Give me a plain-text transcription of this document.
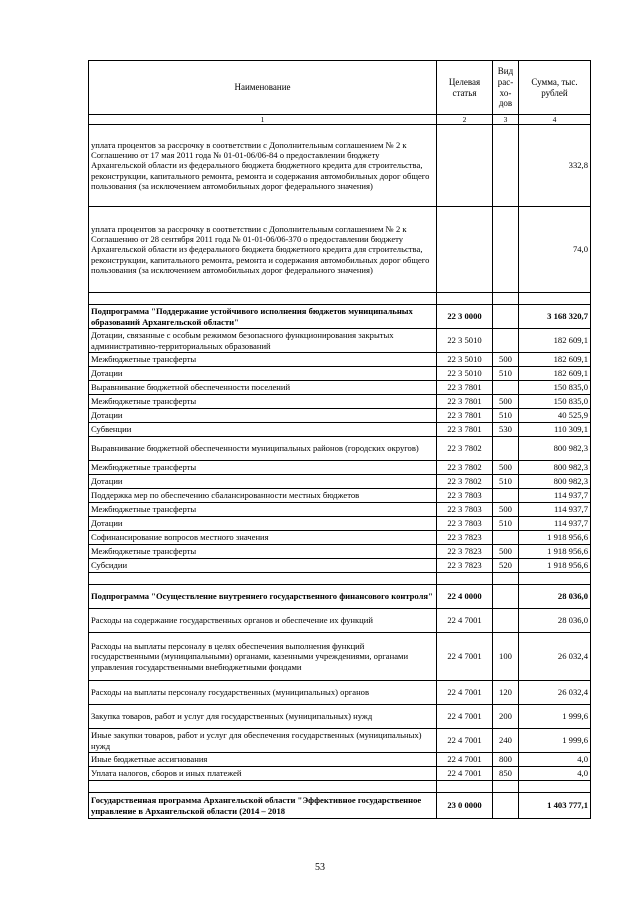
Наименование	Целевая статья	Вид рас- хо- дов	Сумма, тыс. рублей
1	2	3	4
уплата процентов за рассрочку в соответствии с Дополнительным соглашением № 2 к Соглашению от 17 мая 2011 года № 01-01-06/06-84 о предоставлении бюджету Архангельской области из федерального бюджета бюджетного кредита для строительства, реконструкции, капитального ремонта, ремонта и содержания автомобильных дорог общего пользования (за исключением автомобильных дорог федерального значения)			332,8
уплата процентов за рассрочку в соответствии с Дополнительным соглашением № 2 к Соглашению от 28 сентября 2011 года № 01-01-06/06-370 о предоставлении бюджету Архангельской области из федерального бюджета бюджетного кредита для строительства, реконструкции, капитального ремонта, ремонта и содержания автомобильных дорог общего пользования (за исключением автомобильных дорог федерального значения)			74,0

Подпрограмма "Поддержание устойчивого исполнения бюджетов муниципальных образований Архангельской области"	22 3 0000		3 168 320,7
Дотации, связанные с особым режимом безопасного функционирования закрытых административно-территориальных образований	22 3 5010		182 609,1
Межбюджетные трансферты	22 3 5010	500	182 609,1
Дотации	22 3 5010	510	182 609,1
Выравнивание бюджетной обеспеченности поселений	22 3 7801		150 835,0
Межбюджетные трансферты	22 3 7801	500	150 835,0
Дотации	22 3 7801	510	40 525,9
Субвенции	22 3 7801	530	110 309,1
Выравнивание бюджетной обеспеченности муниципальных районов (городских округов)	22 3 7802		800 982,3
Межбюджетные трансферты	22 3 7802	500	800 982,3
Дотации	22 3 7802	510	800 982,3
Поддержка мер по обеспечению сбалансированности местных бюджетов	22 3 7803		114 937,7
Межбюджетные трансферты	22 3 7803	500	114 937,7
Дотации	22 3 7803	510	114 937,7
Софинансирование вопросов местного значения	22 3 7823		1 918 956,6
Межбюджетные трансферты	22 3 7823	500	1 918 956,6
Субсидии	22 3 7823	520	1 918 956,6

Подпрограмма "Осуществление внутреннего государственного финансового контроля"	22 4 0000		28 036,0
Расходы на содержание государственных органов и обеспечение их функций	22 4 7001		28 036,0
Расходы на выплаты персоналу в целях обеспечения выполнения функций государственными (муниципальными) органами, казенными учреждениями, органами управления государственными внебюджетными фондами	22 4 7001	100	26 032,4
Расходы на выплаты персоналу государственных (муниципальных) органов	22 4 7001	120	26 032,4
Закупка товаров, работ и услуг для государственных (муниципальных) нужд	22 4 7001	200	1 999,6
Иные закупки товаров, работ и услуг для обеспечения государственных (муниципальных) нужд	22 4 7001	240	1 999,6
Иные бюджетные ассигнования	22 4 7001	800	4,0
Уплата налогов, сборов и иных платежей	22 4 7001	850	4,0

Государственная программа Архангельской области "Эффективное государственное управление в Архангельской области (2014 – 2018	23 0 0000		1 403 777,1
53
